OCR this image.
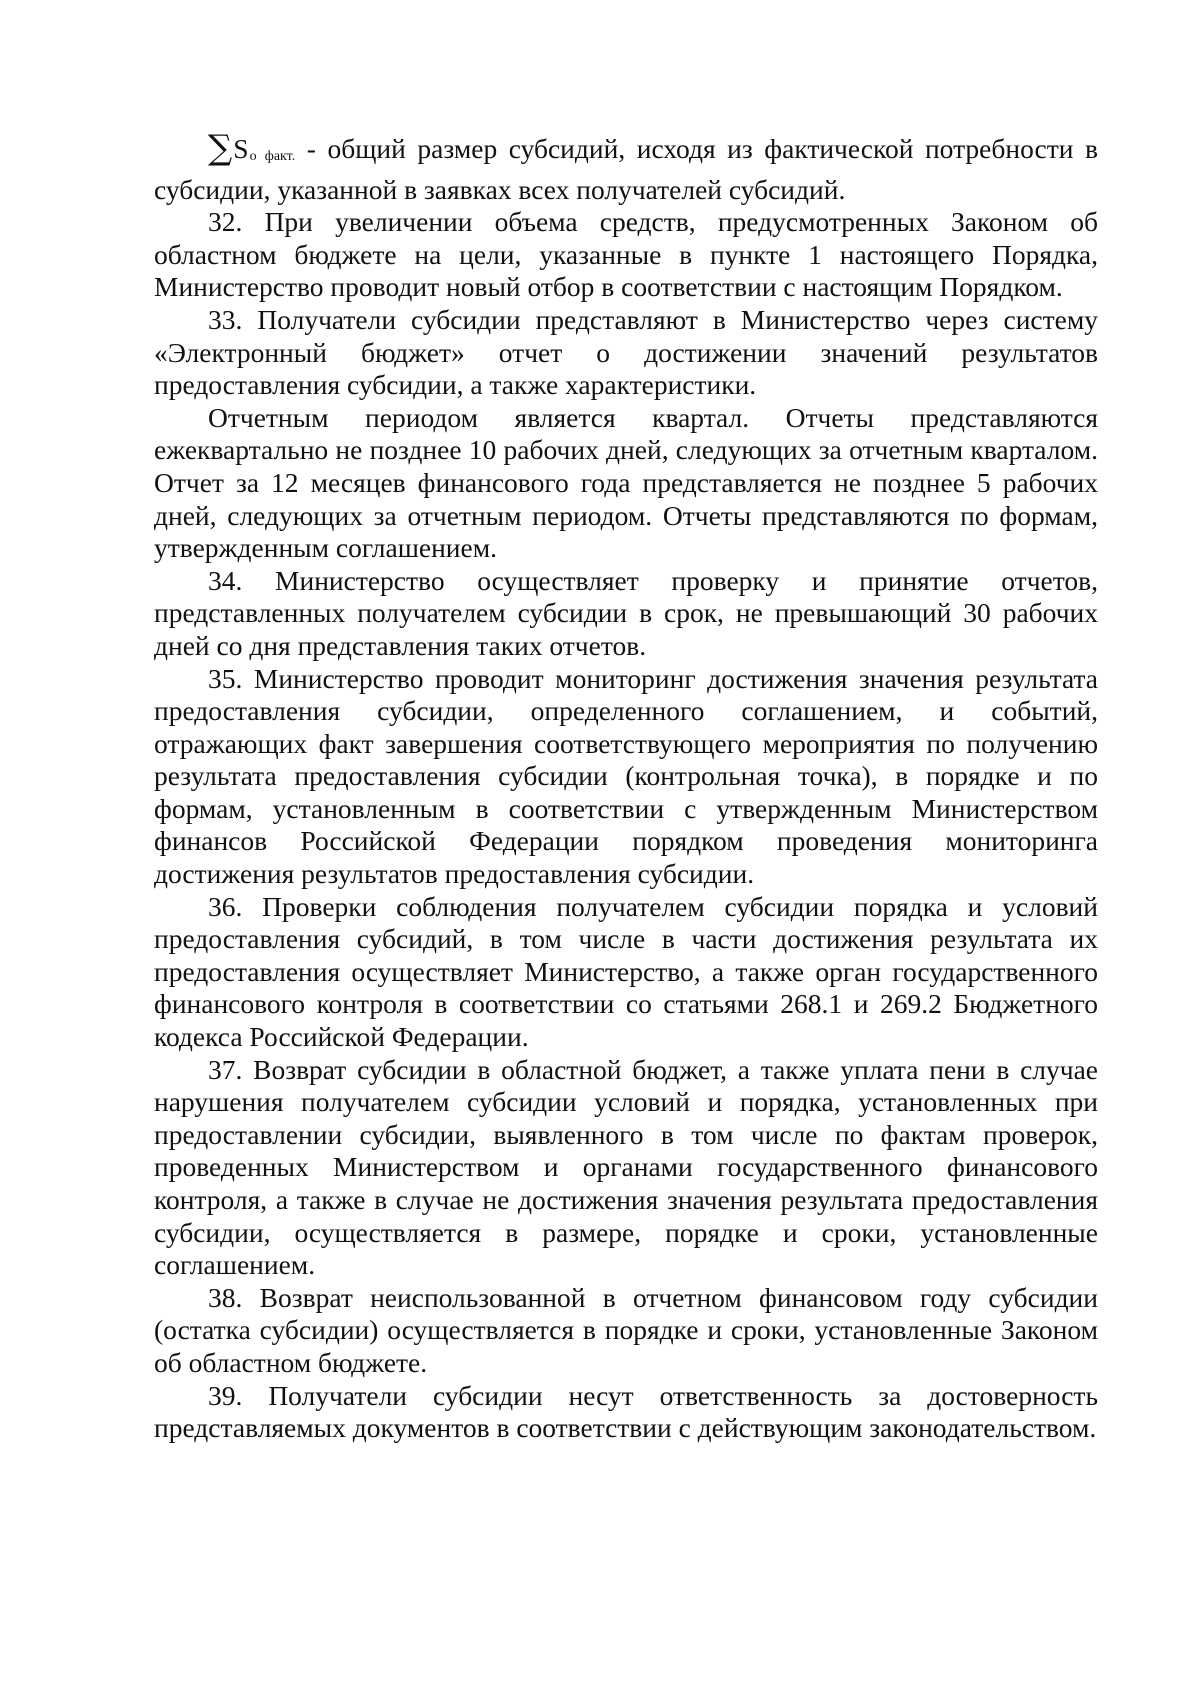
∑Sо факт. - общий размер субсидий, исходя из фактической потребности в субсидии, указанной в заявках всех получателей субсидий.

32. При увеличении объема средств, предусмотренных Законом об областном бюджете на цели, указанные в пункте 1 настоящего Порядка, Министерство проводит новый отбор в соответствии с настоящим Порядком.

33. Получатели субсидии представляют в Министерство через систему «Электронный бюджет» отчет о достижении значений результатов предоставления субсидии, а также характеристики.

Отчетным периодом является квартал. Отчеты представляются ежеквартально не позднее 10 рабочих дней, следующих за отчетным кварталом. Отчет за 12 месяцев финансового года представляется не позднее 5 рабочих дней, следующих за отчетным периодом. Отчеты представляются по формам, утвержденным соглашением.

34. Министерство осуществляет проверку и принятие отчетов, представленных получателем субсидии в срок, не превышающий 30 рабочих дней со дня представления таких отчетов.

35. Министерство проводит мониторинг достижения значения результата предоставления субсидии, определенного соглашением, и событий, отражающих факт завершения соответствующего мероприятия по получению результата предоставления субсидии (контрольная точка), в порядке и по формам, установленным в соответствии с утвержденным Министерством финансов Российской Федерации порядком проведения мониторинга достижения результатов предоставления субсидии.

36. Проверки соблюдения получателем субсидии порядка и условий предоставления субсидий, в том числе в части достижения результата их предоставления осуществляет Министерство, а также орган государственного финансового контроля в соответствии со статьями 268.1 и 269.2 Бюджетного кодекса Российской Федерации.

37. Возврат субсидии в областной бюджет, а также уплата пени в случае нарушения получателем субсидии условий и порядка, установленных при предоставлении субсидии, выявленного в том числе по фактам проверок, проведенных Министерством и органами государственного финансового контроля, а также в случае не достижения значения результата предоставления субсидии, осуществляется в размере, порядке и сроки, установленные соглашением.

38. Возврат неиспользованной в отчетном финансовом году субсидии (остатка субсидии) осуществляется в порядке и сроки, установленные Законом об областном бюджете.

39. Получатели субсидии несут ответственность за достоверность представляемых документов в соответствии с действующим законодательством.
